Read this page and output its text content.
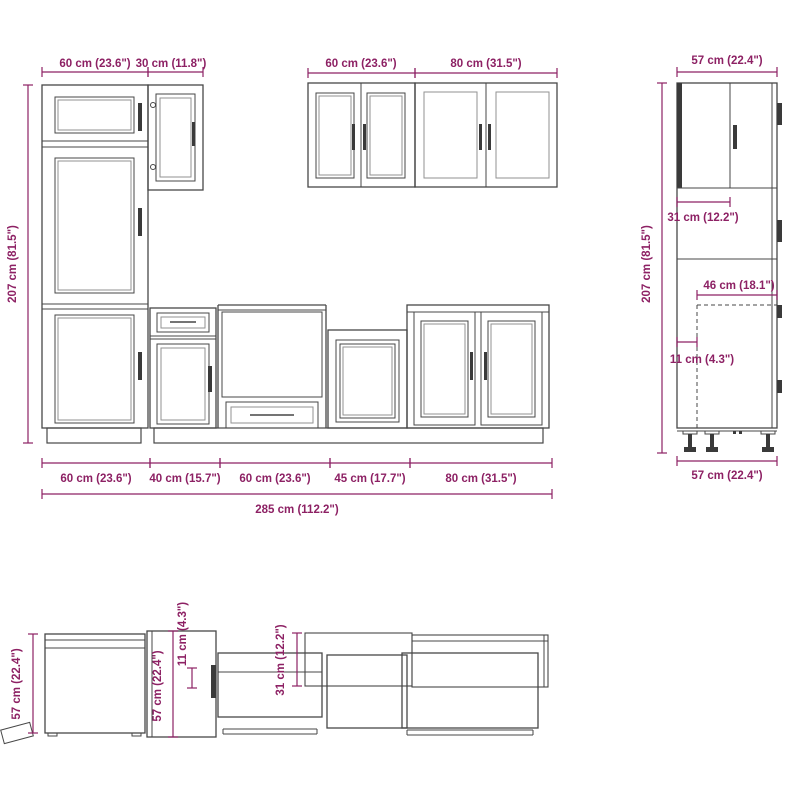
60 cm (23.6") 30 cm (11.8")	60 cm (23.6")	80 cm (31.5")
207 cm (81.5")
60 cm (23.6") 40 cm (15.7") 60 cm (23.6") 45 cm (17.7")	80 cm (31.5")
285 cm (112.2")
57 cm (22.4")
207 cm (81.5")
31 cm (12.2")
46 cm (18.1")
11 cm (4.3")
57 cm (22.4")
57 cm (22.4")	57 cm (22.4")
11 cm (4.3")	31 cm (12.2")
